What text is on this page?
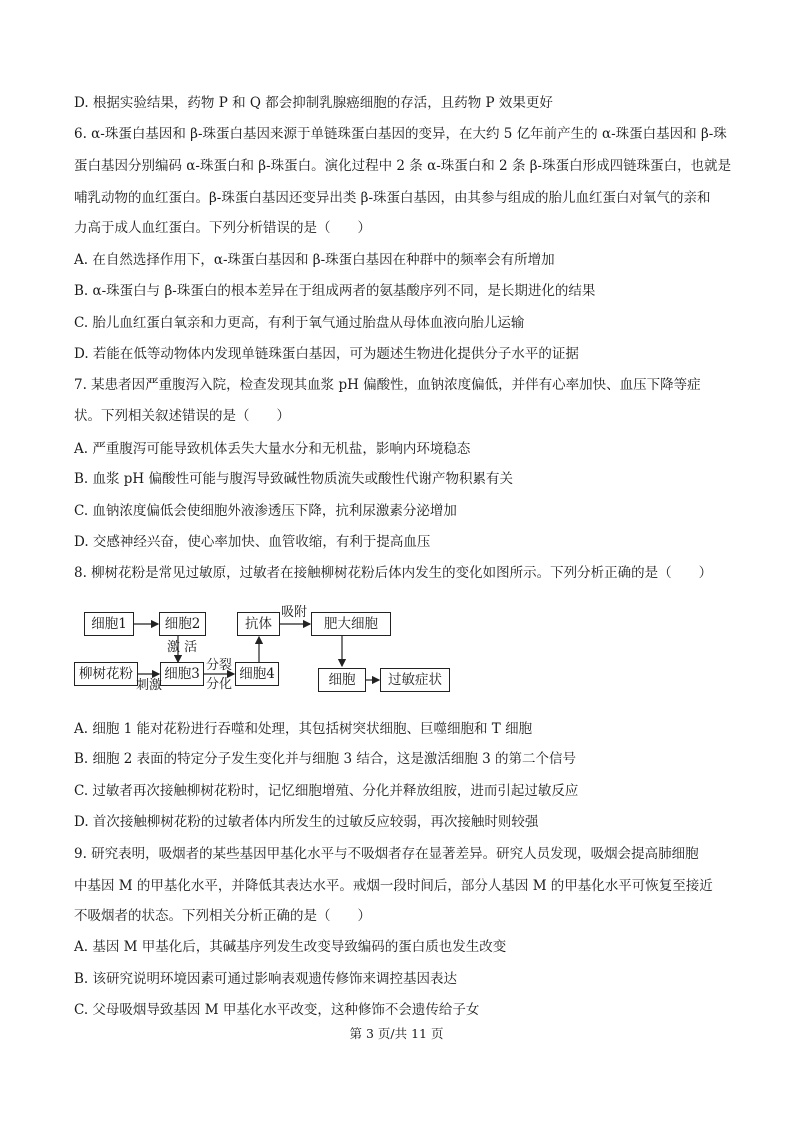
D. 根据实验结果，药物 P 和 Q 都会抑制乳腺癌细胞的存活，且药物 P 效果更好
6. α-珠蛋白基因和 β-珠蛋白基因来源于单链珠蛋白基因的变异，在大约 5 亿年前产生的 α-珠蛋白基因和 β-珠
蛋白基因分别编码 α-珠蛋白和 β-珠蛋白。演化过程中 2 条 α-珠蛋白和 2 条 β-珠蛋白形成四链珠蛋白，也就是
哺乳动物的血红蛋白。β-珠蛋白基因还变异出类 β-珠蛋白基因，由其参与组成的胎儿血红蛋白对氧气的亲和
力高于成人血红蛋白。下列分析错误的是（　　）
A. 在自然选择作用下，α-珠蛋白基因和 β-珠蛋白基因在种群中的频率会有所增加
B. α-珠蛋白与 β-珠蛋白的根本差异在于组成两者的氨基酸序列不同，是长期进化的结果
C. 胎儿血红蛋白氧亲和力更高，有利于氧气通过胎盘从母体血液向胎儿运输
D. 若能在低等动物体内发现单链珠蛋白基因，可为题述生物进化提供分子水平的证据
7. 某患者因严重腹泻入院，检查发现其血浆 pH 偏酸性，血钠浓度偏低，并伴有心率加快、血压下降等症
状。下列相关叙述错误的是（　　）
A. 严重腹泻可能导致机体丢失大量水分和无机盐，影响内环境稳态
B. 血浆 pH 偏酸性可能与腹泻导致碱性物质流失或酸性代谢产物积累有关
C. 血钠浓度偏低会使细胞外液渗透压下降，抗利尿激素分泌增加
D. 交感神经兴奋，使心率加快、血管收缩，有利于提高血压
8. 柳树花粉是常见过敏原，过敏者在接触柳树花粉后体内发生的变化如图所示。下列分析正确的是（　　）
细胞1	细胞2
柳树花粉	细胞3	细胞4
抗体	肥大细胞
细胞	过敏症状
激 活
刺激
分裂
分化
吸附
A. 细胞 1 能对花粉进行吞噬和处理，其包括树突状细胞、巨噬细胞和 T 细胞
B. 细胞 2 表面的特定分子发生变化并与细胞 3 结合，这是激活细胞 3 的第二个信号
C. 过敏者再次接触柳树花粉时，记忆细胞增殖、分化并释放组胺，进而引起过敏反应
D. 首次接触柳树花粉的过敏者体内所发生的过敏反应较弱，再次接触时则较强
9. 研究表明，吸烟者的某些基因甲基化水平与不吸烟者存在显著差异。研究人员发现，吸烟会提高肺细胞
中基因 M 的甲基化水平，并降低其表达水平。戒烟一段时间后，部分人基因 M 的甲基化水平可恢复至接近
不吸烟者的状态。下列相关分析正确的是（　　）
A. 基因 M 甲基化后，其碱基序列发生改变导致编码的蛋白质也发生改变
B. 该研究说明环境因素可通过影响表观遗传修饰来调控基因表达
C. 父母吸烟导致基因 M 甲基化水平改变，这种修饰不会遗传给子女
第 3 页/共 11 页
